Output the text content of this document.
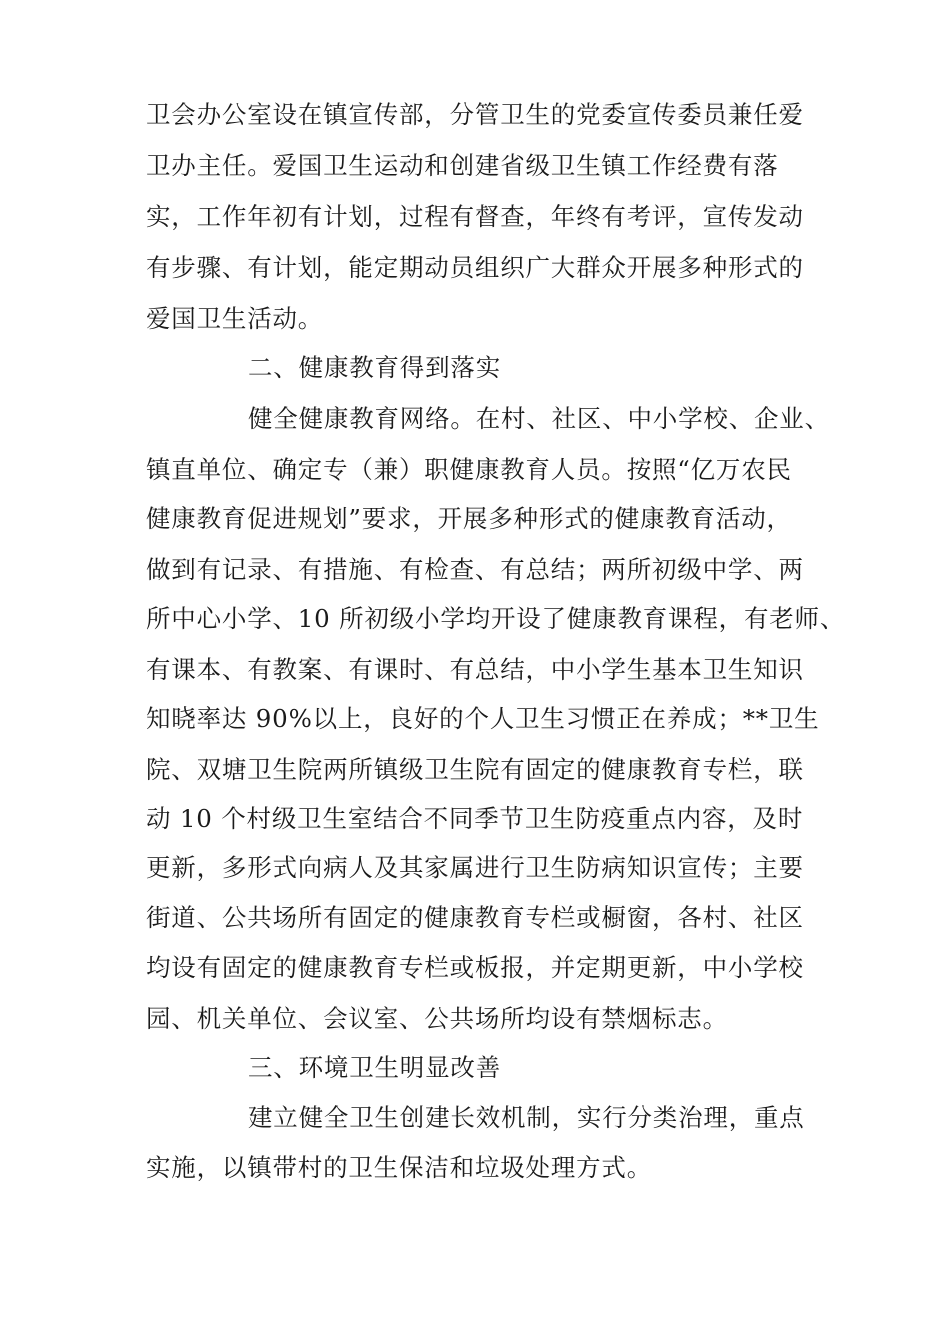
卫会办公室设在镇宣传部，分管卫生的党委宣传委员兼任爱
卫办主任。爱国卫生运动和创建省级卫生镇工作经费有落
实，工作年初有计划，过程有督查，年终有考评，宣传发动
有步骤、有计划，能定期动员组织广大群众开展多种形式的
爱国卫生活动。
二、健康教育得到落实
健全健康教育网络。在村、社区、中小学校、企业、
镇直单位、确定专（兼）职健康教育人员。按照“亿万农民
健康教育促进规划”要求，开展多种形式的健康教育活动，
做到有记录、有措施、有检查、有总结；两所初级中学、两
所中心小学、10 所初级小学均开设了健康教育课程，有老师、
有课本、有教案、有课时、有总结，中小学生基本卫生知识
知晓率达 90%以上，良好的个人卫生习惯正在养成；**卫生
院、双塘卫生院两所镇级卫生院有固定的健康教育专栏，联
动 10 个村级卫生室结合不同季节卫生防疫重点内容，及时
更新，多形式向病人及其家属进行卫生防病知识宣传；主要
街道、公共场所有固定的健康教育专栏或橱窗，各村、社区
均设有固定的健康教育专栏或板报，并定期更新，中小学校
园、机关单位、会议室、公共场所均设有禁烟标志。
三、环境卫生明显改善
建立健全卫生创建长效机制，实行分类治理，重点
实施，以镇带村的卫生保洁和垃圾处理方式。
